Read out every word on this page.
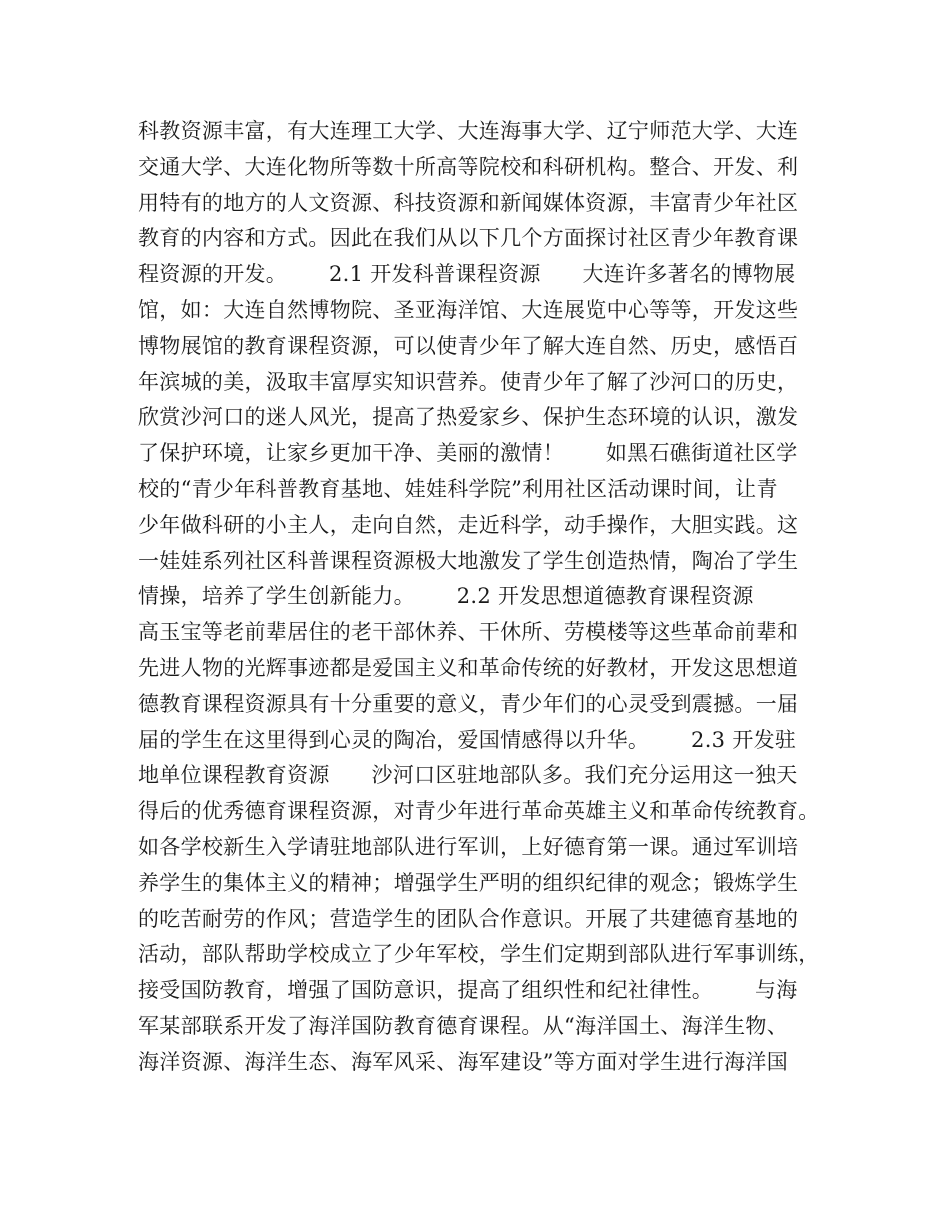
科教资源丰富，有大连理工大学、大连海事大学、辽宁师范大学、大连
交通大学、大连化物所等数十所高等院校和科研机构。整合、开发、利
用特有的地方的人文资源、科技资源和新闻媒体资源，丰富青少年社区
教育的内容和方式。因此在我们从以下几个方面探讨社区青少年教育课
程资源的开发。      2.1 开发科普课程资源      大连许多著名的博物展
馆，如：大连自然博物院、圣亚海洋馆、大连展览中心等等，开发这些
博物展馆的教育课程资源，可以使青少年了解大连自然、历史，感悟百
年滨城的美，汲取丰富厚实知识营养。使青少年了解了沙河口的历史，
欣赏沙河口的迷人风光，提高了热爱家乡、保护生态环境的认识，激发
了保护环境，让家乡更加干净、美丽的激情！      如黑石礁街道社区学
校的“青少年科普教育基地、娃娃科学院”利用社区活动课时间，让青
少年做科研的小主人，走向自然，走近科学，动手操作，大胆实践。这
一娃娃系列社区科普课程资源极大地激发了学生创造热情，陶冶了学生
情操，培养了学生创新能力。      2.2 开发思想道德教育课程资源
高玉宝等老前辈居住的老干部休养、干休所、劳模楼等这些革命前辈和
先进人物的光辉事迹都是爱国主义和革命传统的好教材，开发这思想道
德教育课程资源具有十分重要的意义，青少年们的心灵受到震撼。一届
届的学生在这里得到心灵的陶冶，爱国情感得以升华。      2.3 开发驻
地单位课程教育资源      沙河口区驻地部队多。我们充分运用这一独天
得后的优秀德育课程资源，对青少年进行革命英雄主义和革命传统教育。
如各学校新生入学请驻地部队进行军训，上好德育第一课。通过军训培
养学生的集体主义的精神；增强学生严明的组织纪律的观念；锻炼学生
的吃苦耐劳的作风；营造学生的团队合作意识。开展了共建德育基地的
活动，部队帮助学校成立了少年军校，学生们定期到部队进行军事训练，
接受国防教育，增强了国防意识，提高了组织性和纪社律性。      与海
军某部联系开发了海洋国防教育德育课程。从“海洋国土、海洋生物、
海洋资源、海洋生态、海军风采、海军建设”等方面对学生进行海洋国
